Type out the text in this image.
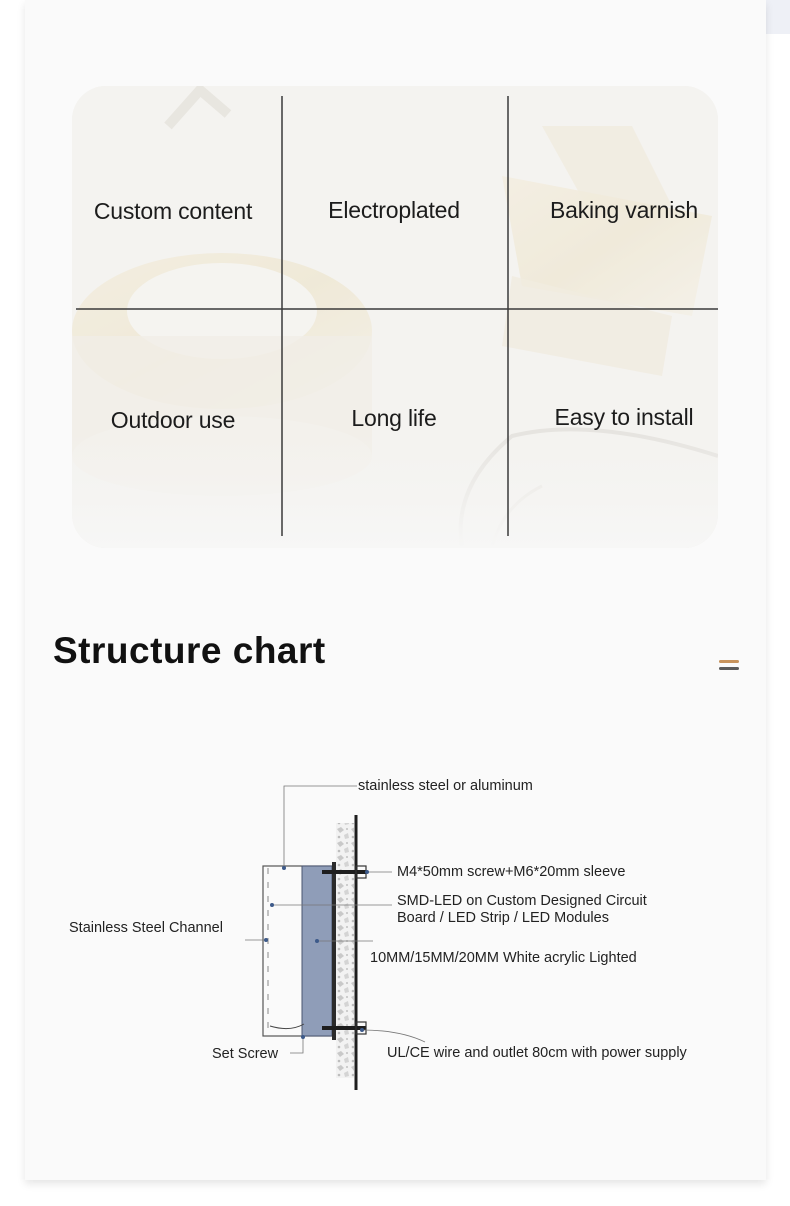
Custom content	Electroplated	Baking varnish
Outdoor use	Long life	Easy to install
Structure chart
stainless steel or aluminum
M4*50mm screw+M6*20mm sleeve
SMD-LED on Custom Designed Circuit
Board / LED Strip / LED Modules
10MM/15MM/20MM White acrylic Lighted
Stainless Steel Channel
Set Screw	UL/CE wire and outlet 80cm with power supply
